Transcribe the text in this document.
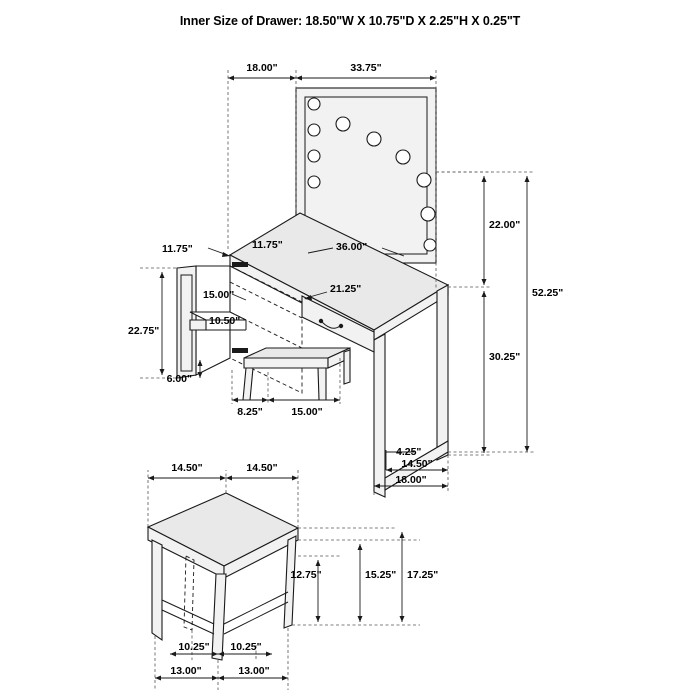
Inner Size of Drawer: 18.50"W X 10.75"D X 2.25"H X 0.25"T
18.00"	33.75"
22.00"
30.25"
52.25"
11.75"	11.75"	36.00"
21.25"
15.00"
10.50"
22.75"
6.00"
8.25"	15.00"
4.25"
14.50"
18.00"
14.50"	14.50"
12.75"	15.25" 17.25"
10.25" 10.25"
13.00"	13.00"
